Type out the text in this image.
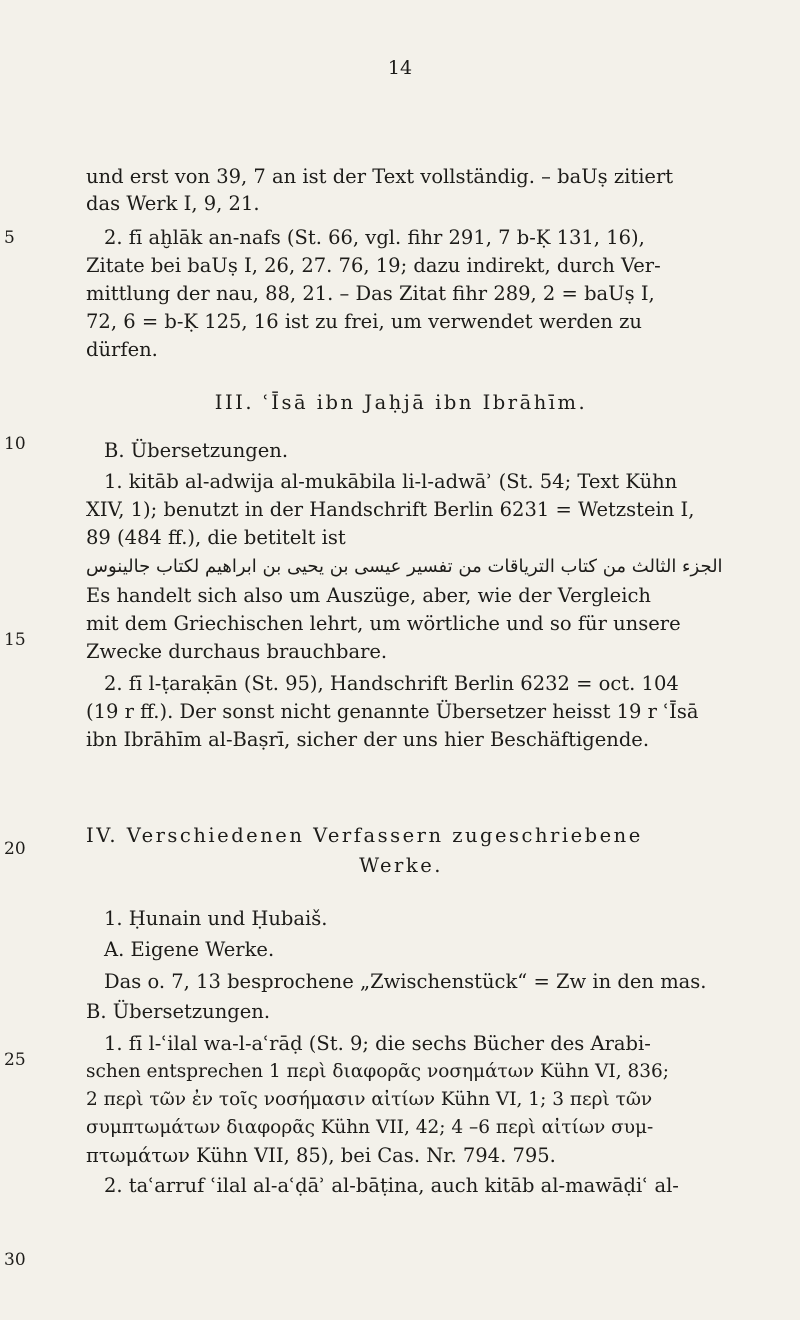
14
5
10
15
20
25
30
und erst von 39, 7 an ist der Text vollständig. – baUṣ zitiert
das Werk I, 9, 21.
2. fī aḫlāk an-nafs (St. 66, vgl. fihr 291, 7 b-Ḳ 131, 16),
Zitate bei baUṣ I, 26, 27. 76, 19; dazu indirekt, durch Ver-
mittlung der nau, 88, 21. – Das Zitat fihr 289, 2 = baUṣ I,
72, 6 = b-Ḳ 125, 16 ist zu frei, um verwendet werden zu
dürfen.
III. ʿĪsā ibn Jaḥjā ibn Ibrāhīm.
B. Übersetzungen.
1. kitāb al-adwija al-mukābila li-l-adwāʾ (St. 54; Text Kühn
XIV, 1); benutzt in der Handschrift Berlin 6231 = Wetzstein I,
89 (484 ff.), die betitelt ist
الجزء الثالث من كتاب الترياقات من تفسير عيسى بن يحيى بن ابراهيم لكتاب جالينوس
Es handelt sich also um Auszüge, aber, wie der Vergleich
mit dem Griechischen lehrt, um wörtliche und so für unsere
Zwecke durchaus brauchbare.
2. fī l-ṭaraḳān (St. 95), Handschrift Berlin 6232 = oct. 104
(19 r ff.). Der sonst nicht genannte Übersetzer heisst 19 r ʿĪsā
ibn Ibrāhīm al-Baṣrī, sicher der uns hier Beschäftigende.
IV. Verschiedenen Verfassern zugeschriebene
Werke.
1. Ḥunain und Ḥubaiš.
A. Eigene Werke.
Das o. 7, 13 besprochene „Zwischenstück“ = Zw in den mas.
B. Übersetzungen.
1. fī l-ʿilal wa-l-aʿrāḍ (St. 9; die sechs Bücher des Arabi-
schen entsprechen 1 περὶ διαφορᾶς νοσημάτων Kühn VI, 836;
2 περὶ τῶν ἐν τοῖς νοσήμασιν αἰτίων Kühn VI, 1; 3 περὶ τῶν
συμπτωμάτων διαφορᾶς Kühn VII, 42; 4 –6 περὶ αἰτίων συμ-
πτωμάτων Kühn VII, 85), bei Cas. Nr. 794. 795.
2. taʿarruf ʿilal al-aʿḍāʾ al-bāṭina, auch kitāb al-mawāḍiʿ al-
